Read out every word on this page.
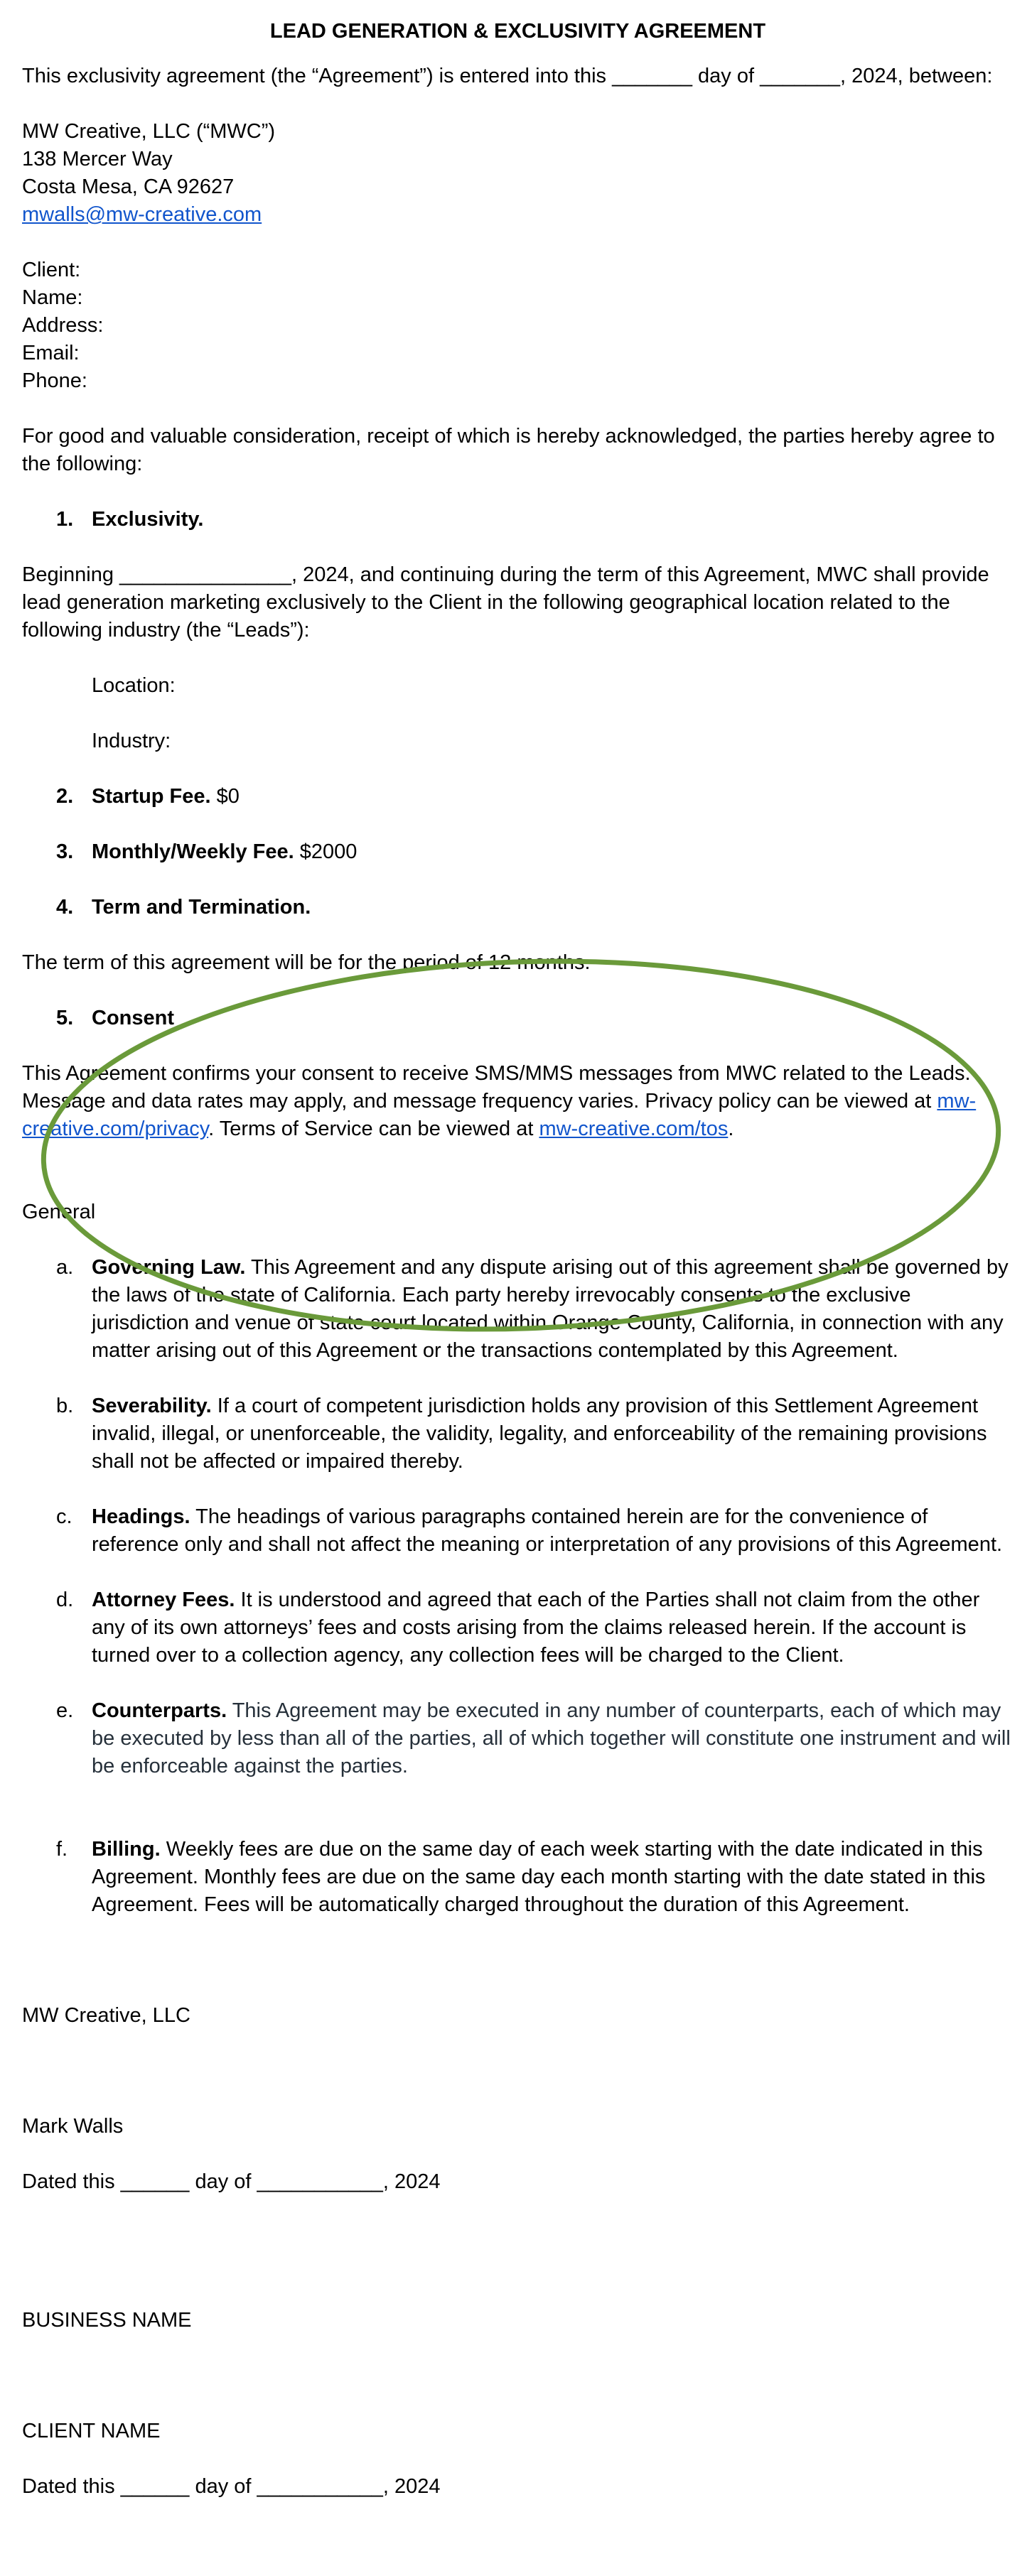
LEAD GENERATION & EXCLUSIVITY AGREEMENT

This exclusivity agreement (the “Agreement”) is entered into this _______ day of _______, 2024, between:

MW Creative, LLC (“MWC”)

138 Mercer Way

Costa Mesa, CA 92627

mwalls@mw-creative.com

Client:

Name:

Address:

Email:

Phone:

For good and valuable consideration, receipt of which is hereby acknowledged, the parties hereby agree to the following:

1. Exclusivity.

Beginning _______________, 2024, and continuing during the term of this Agreement, MWC shall provide lead generation marketing exclusively to the Client in the following geographical location related to the following industry (the “Leads”):

Location:

Industry:

2. Startup Fee. $0

3. Monthly/Weekly Fee. $2000

4. Term and Termination.

The term of this agreement will be for the period of 12 months.

5. Consent

This Agreement confirms your consent to receive SMS/MMS messages from MWC related to the Leads. Message and data rates may apply, and message frequency varies. Privacy policy can be viewed at mw-creative.com/privacy. Terms of Service can be viewed at mw-creative.com/tos.

General

a. Governing Law. This Agreement and any dispute arising out of this agreement shall be governed by the laws of the state of California. Each party hereby irrevocably consents to the exclusive jurisdiction and venue of state court located within Orange County, California, in connection with any matter arising out of this Agreement or the transactions contemplated by this Agreement.

b. Severability. If a court of competent jurisdiction holds any provision of this Settlement Agreement invalid, illegal, or unenforceable, the validity, legality, and enforceability of the remaining provisions shall not be affected or impaired thereby.

c. Headings. The headings of various paragraphs contained herein are for the convenience of reference only and shall not affect the meaning or interpretation of any provisions of this Agreement.

d. Attorney Fees. It is understood and agreed that each of the Parties shall not claim from the other any of its own attorneys’ fees and costs arising from the claims released herein. If the account is turned over to a collection agency, any collection fees will be charged to the Client.

e. Counterparts. This Agreement may be executed in any number of counterparts, each of which may be executed by less than all of the parties, all of which together will constitute one instrument and will be enforceable against the parties.

f. Billing. Weekly fees are due on the same day of each week starting with the date indicated in this Agreement. Monthly fees are due on the same day each month starting with the date stated in this Agreement. Fees will be automatically charged throughout the duration of this Agreement.

MW Creative, LLC

Mark Walls

Dated this ______ day of ___________, 2024

BUSINESS NAME

CLIENT NAME

Dated this ______ day of ___________, 2024
